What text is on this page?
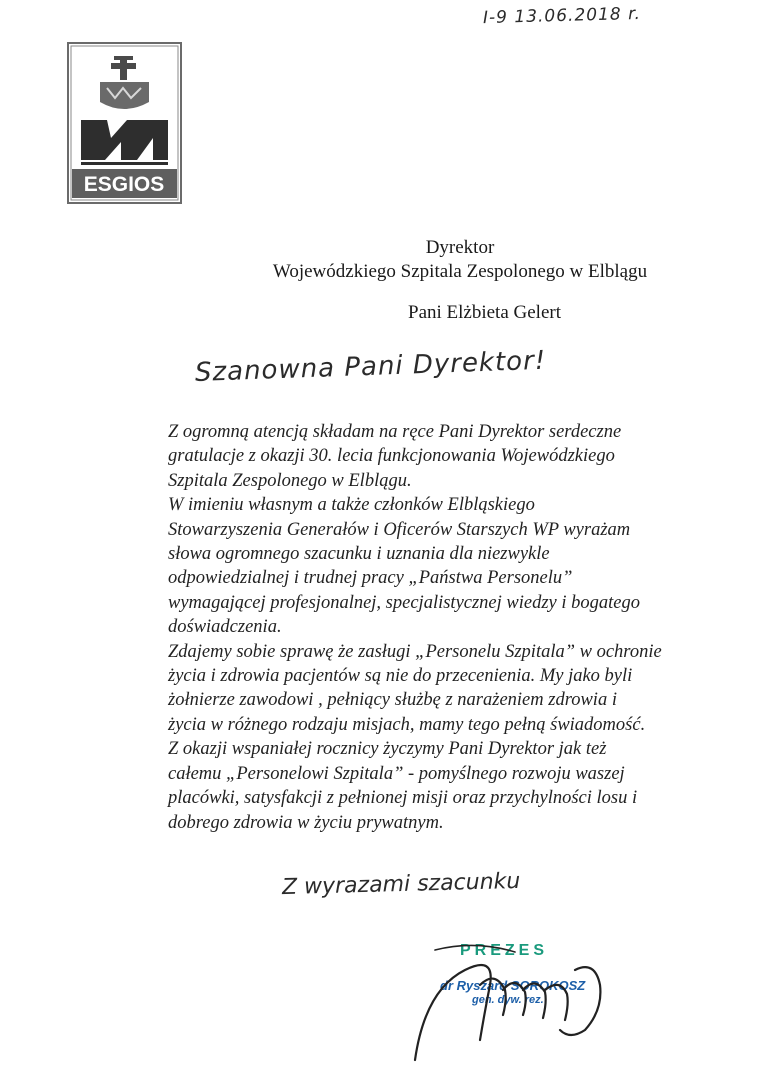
I-9 13.06.2018 r.
ESGIOS
Dyrektor
Wojewódzkiego Szpitala Zespolonego w Elblągu
Pani Elżbieta Gelert
Szanowna Pani Dyrektor!

Z ogromną atencją składam na ręce Pani Dyrektor serdeczne

gratulacje z okazji 30. lecia funkcjonowania Wojewódzkiego

Szpitala Zespolonego w Elblągu.

W imieniu własnym a także członków Elbląskiego

Stowarzyszenia Generałów i Oficerów Starszych WP wyrażam

słowa ogromnego szacunku i uznania dla niezwykle

odpowiedzialnej i trudnej pracy „Państwa Personelu”

wymagającej profesjonalnej, specjalistycznej wiedzy i bogatego

doświadczenia.

Zdajemy sobie sprawę że zasługi „Personelu Szpitala” w ochronie

życia i zdrowia pacjentów są nie do przecenienia. My jako byli

żołnierze zawodowi , pełniący służbę z narażeniem zdrowia i

życia w różnego rodzaju misjach, mamy tego pełną świadomość.

Z okazji wspaniałej rocznicy życzymy Pani Dyrektor jak też

całemu „Personelowi Szpitala” - pomyślnego rozwoju waszej

placówki, satysfakcji z pełnionej misji oraz przychylności losu i

dobrego zdrowia w życiu prywatnym.

Z wyrazami szacunku
PREZES
dr Ryszard SOROKOSZ
gen. dyw. rez.
